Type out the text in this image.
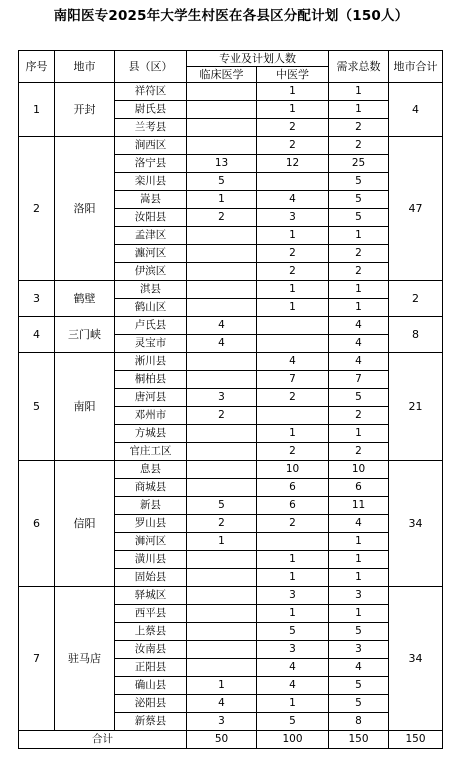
南阳医专2025年大学生村医在各县区分配计划（150人）
序号	地市	县（区）	专业及计划人数		需求总数	地市合计
			临床医学	中医学		
1	开封	祥符区		1	1	4
		尉氏县		1	1	
		兰考县		2	2	
2	洛阳	涧西区		2	2	47
		洛宁县	13	12	25	
		栾川县	5		5	
		嵩县	1	4	5	
		汝阳县	2	3	5	
		孟津区		1	1	
		瀍河区		2	2	
		伊滨区		2	2	
3	鹤壁	淇县		1	1	2
		鹤山区		1	1	
4	三门峡	卢氏县	4		4	8
		灵宝市	4		4	
5	南阳	淅川县		4	4	21
		桐柏县		7	7	
		唐河县	3	2	5	
		邓州市	2		2	
		方城县		1	1	
		官庄工区		2	2	
6	信阳	息县		10	10	34
		商城县		6	6	
		新县	5	6	11	
		罗山县	2	2	4	
		浉河区	1		1	
		潢川县		1	1	
		固始县		1	1	
7	驻马店	驿城区		3	3	34
		西平县		1	1	
		上蔡县		5	5	
		汝南县		3	3	
		正阳县		4	4	
		确山县	1	4	5	
		泌阳县	4	1	5	
		新蔡县	3	5	8	
合计			50	100	150	150
